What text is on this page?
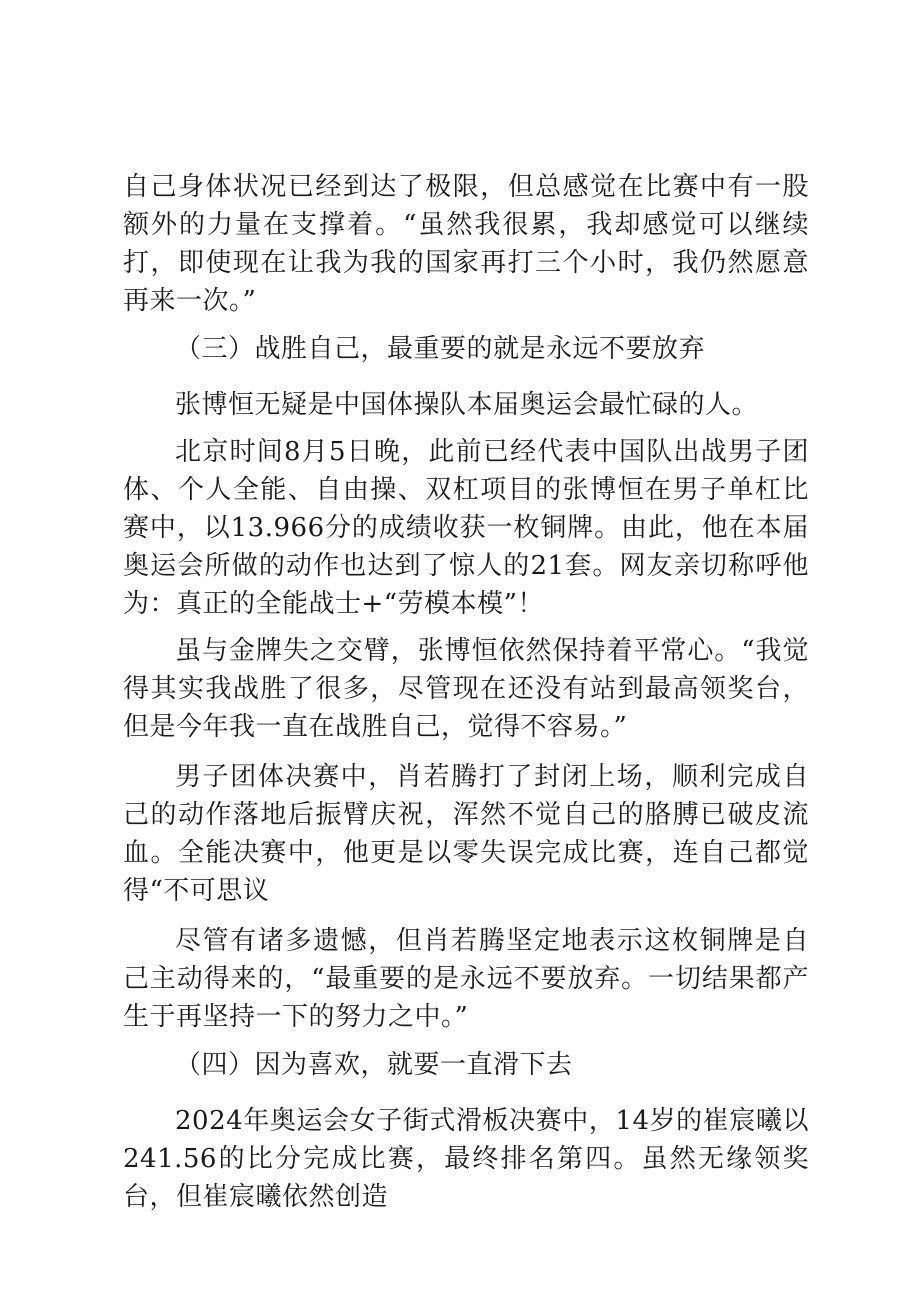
自己身体状况已经到达了极限，但总感觉在比赛中有一股额外的力量在支撑着。“虽然我很累，我却感觉可以继续打，即使现在让我为我的国家再打三个小时，我仍然愿意再来一次。”

（三）战胜自己，最重要的就是永远不要放弃

张博恒无疑是中国体操队本届奥运会最忙碌的人。

北京时间8月5日晚，此前已经代表中国队出战男子团体、个人全能、自由操、双杠项目的张博恒在男子单杠比赛中，以13.966分的成绩收获一枚铜牌。由此，他在本届奥运会所做的动作也达到了惊人的21套。网友亲切称呼他为：真正的全能战士+“劳模本模”！

虽与金牌失之交臂，张博恒依然保持着平常心。“我觉得其实我战胜了很多，尽管现在还没有站到最高领奖台，但是今年我一直在战胜自己，觉得不容易。”

男子团体决赛中，肖若腾打了封闭上场，顺利完成自己的动作落地后振臂庆祝，浑然不觉自己的胳膊已破皮流血。全能决赛中，他更是以零失误完成比赛，连自己都觉得“不可思议

尽管有诸多遗憾，但肖若腾坚定地表示这枚铜牌是自己主动得来的，“最重要的是永远不要放弃。一切结果都产生于再坚持一下的努力之中。”

（四）因为喜欢，就要一直滑下去

2024年奥运会女子街式滑板决赛中，14岁的崔宸曦以241.56的比分完成比赛，最终排名第四。虽然无缘领奖台，但崔宸曦依然创造
